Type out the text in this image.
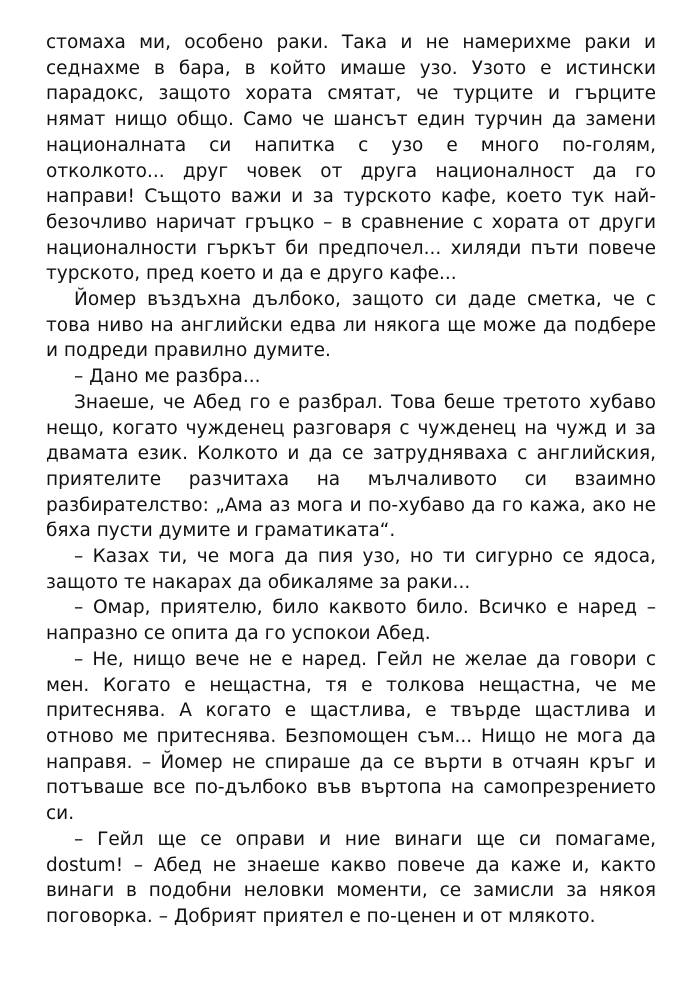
стомаха ми, особено раки. Така и не намерихме раки и седнахме в бара, в който имаше узо. Узото е истински парадокс, защото хората смятат, че турците и гърците нямат нищо общо. Само че шансът един турчин да замени националната си напитка с узо е много по-голям, отколкото... друг човек от друга националност да го направи! Същото важи и за турското кафе, което тук най-безочливо наричат гръцко – в сравнение с хората от други националности гъркът би предпочел... хиляди пъти повече турското, пред което и да е друго кафе...

Йомер въздъхна дълбоко, защото си даде сметка, че с това ниво на английски едва ли някога ще може да подбере и подреди правилно думите.

– Дано ме разбра...

Знаеше, че Абед го е разбрал. Това беше третото хубаво нещо, когато чужденец разговаря с чужденец на чужд и за двамата език. Колкото и да се затрудняваха с английския, приятелите разчитаха на мълчаливото си взаимно разбирателство: „Ама аз мога и по-хубаво да го кажа, ако не бяха пусти думите и граматиката“.

– Казах ти, че мога да пия узо, но ти сигурно се ядоса, защото те накарах да обикаляме за раки...

– Омар, приятелю, било каквото било. Всичко е наред – напразно се опита да го успокои Абед.

– Не, нищо вече не е наред. Гейл не желае да говори с мен. Когато е нещастна, тя е толкова нещастна, че ме притеснява. А когато е щастлива, е твърде щастлива и отново ме притеснява. Безпомощен съм... Нищо не мога да направя. – Йомер не спираше да се върти в отчаян кръг и потъваше все по-дълбоко във въртопа на самопрезрението си.

– Гейл ще се оправи и ние винаги ще си помагаме, dostum! – Абед не знаеше какво повече да каже и, както винаги в подобни неловки моменти, се замисли за някоя поговорка. – Добрият приятел е по-ценен и от млякото.
